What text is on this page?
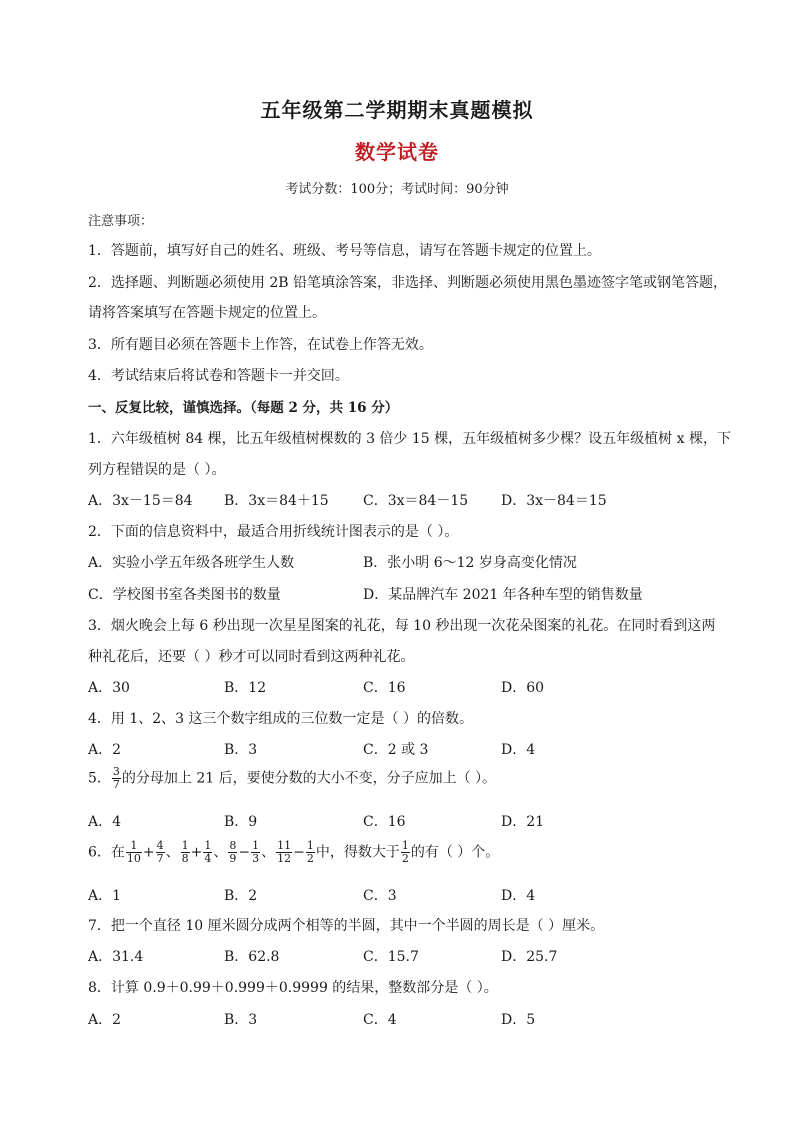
五年级第二学期期末真题模拟
数学试卷
考试分数：100分；考试时间：90分钟
注意事项：
1．答题前，填写好自己的姓名、班级、考号等信息，请写在答题卡规定的位置上。
2．选择题、判断题必须使用 2B 铅笔填涂答案，非选择、判断题必须使用黑色墨迹签字笔或钢笔答题，
请将答案填写在答题卡规定的位置上。
3．所有题目必须在答题卡上作答，在试卷上作答无效。
4．考试结束后将试卷和答题卡一并交回。
一、反复比较，谨慎选择。（每题 2 分，共 16 分）
1．六年级植树 84 棵，比五年级植树棵数的 3 倍少 15 棵，五年级植树多少棵？设五年级植树 x 棵，下
列方程错误的是（ ）。
A．3x－15＝84 B．3x＝84＋15 C．3x＝84－15 D．3x－84＝15
2．下面的信息资料中，最适合用折线统计图表示的是（ ）。
A．实验小学五年级各班学生人数	B．张小明 6～12 岁身高变化情况
C．学校图书室各类图书的数量	D．某品牌汽车 2021 年各种车型的销售数量
3．烟火晚会上每 6 秒出现一次星星图案的礼花，每 10 秒出现一次花朵图案的礼花。在同时看到这两
种礼花后，还要（ ）秒才可以同时看到这两种礼花。
A．30	B．12	C．16	D．60
4．用 1、2、3 这三个数字组成的三位数一定是（ ）的倍数。
A．2	B．3	C．2 或 3	D．4
5． $\frac{3}{7}$ 的分母加上 21 后，要使分数的大小不变，分子应加上（ ）。
A．4	B．9	C．16	D．21
6．在 $\frac{1}{10} + \frac{4}{7}$ 、 $\frac{1}{8} + \frac{1}{4}$ 、 $\frac{8}{9} - \frac{1}{3}$ 、 $\frac{11}{12} - \frac{1}{2}$ 中，得数大于 $\frac{1}{2}$ 的有（ ）个。
A．1	B．2	C．3	D．4
7．把一个直径 10 厘米圆分成两个相等的半圆，其中一个半圆的周长是（ ）厘米。
A．31.4	B．62.8	C．15.7	D．25.7
8．计算 0.9＋0.99＋0.999＋0.9999 的结果，整数部分是（ ）。
A．2	B．3	C．4	D．5
